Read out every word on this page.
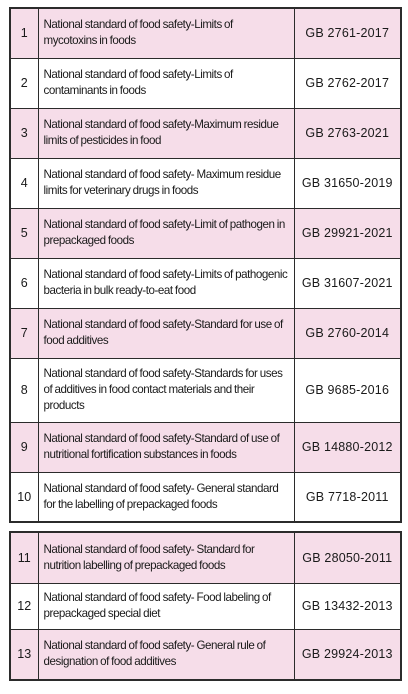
1	National standard of food safety-Limits of mycotoxins in foods	GB 2761-2017
2	National standard of food safety-Limits of contaminants in foods	GB 2762-2017
3	National standard of food safety-Maximum residue limits of pesticides in food	GB 2763-2021
4	National standard of food safety- Maximum residue limits for veterinary drugs in foods	GB 31650-2019
5	National standard of food safety-Limit of pathogen in prepackaged foods	GB 29921-2021
6	National standard of food safety-Limits of pathogenic bacteria in bulk ready-to-eat food	GB 31607-2021
7	National standard of food safety-Standard for use of food additives	GB 2760-2014
8	National standard of food safety-Standards for uses of additives in food contact materials and their products	GB 9685-2016
9	National standard of food safety-Standard of use of nutritional fortification substances in foods	GB 14880-2012
10	National standard of food safety- General standard for the labelling of prepackaged foods	GB 7718-2011
11	National standard of food safety- Standard for nutrition labelling of prepackaged foods	GB 28050-2011
12	National standard of food safety- Food labeling of prepackaged special diet	GB 13432-2013
13	National standard of food safety- General rule of designation of food additives	GB 29924-2013
